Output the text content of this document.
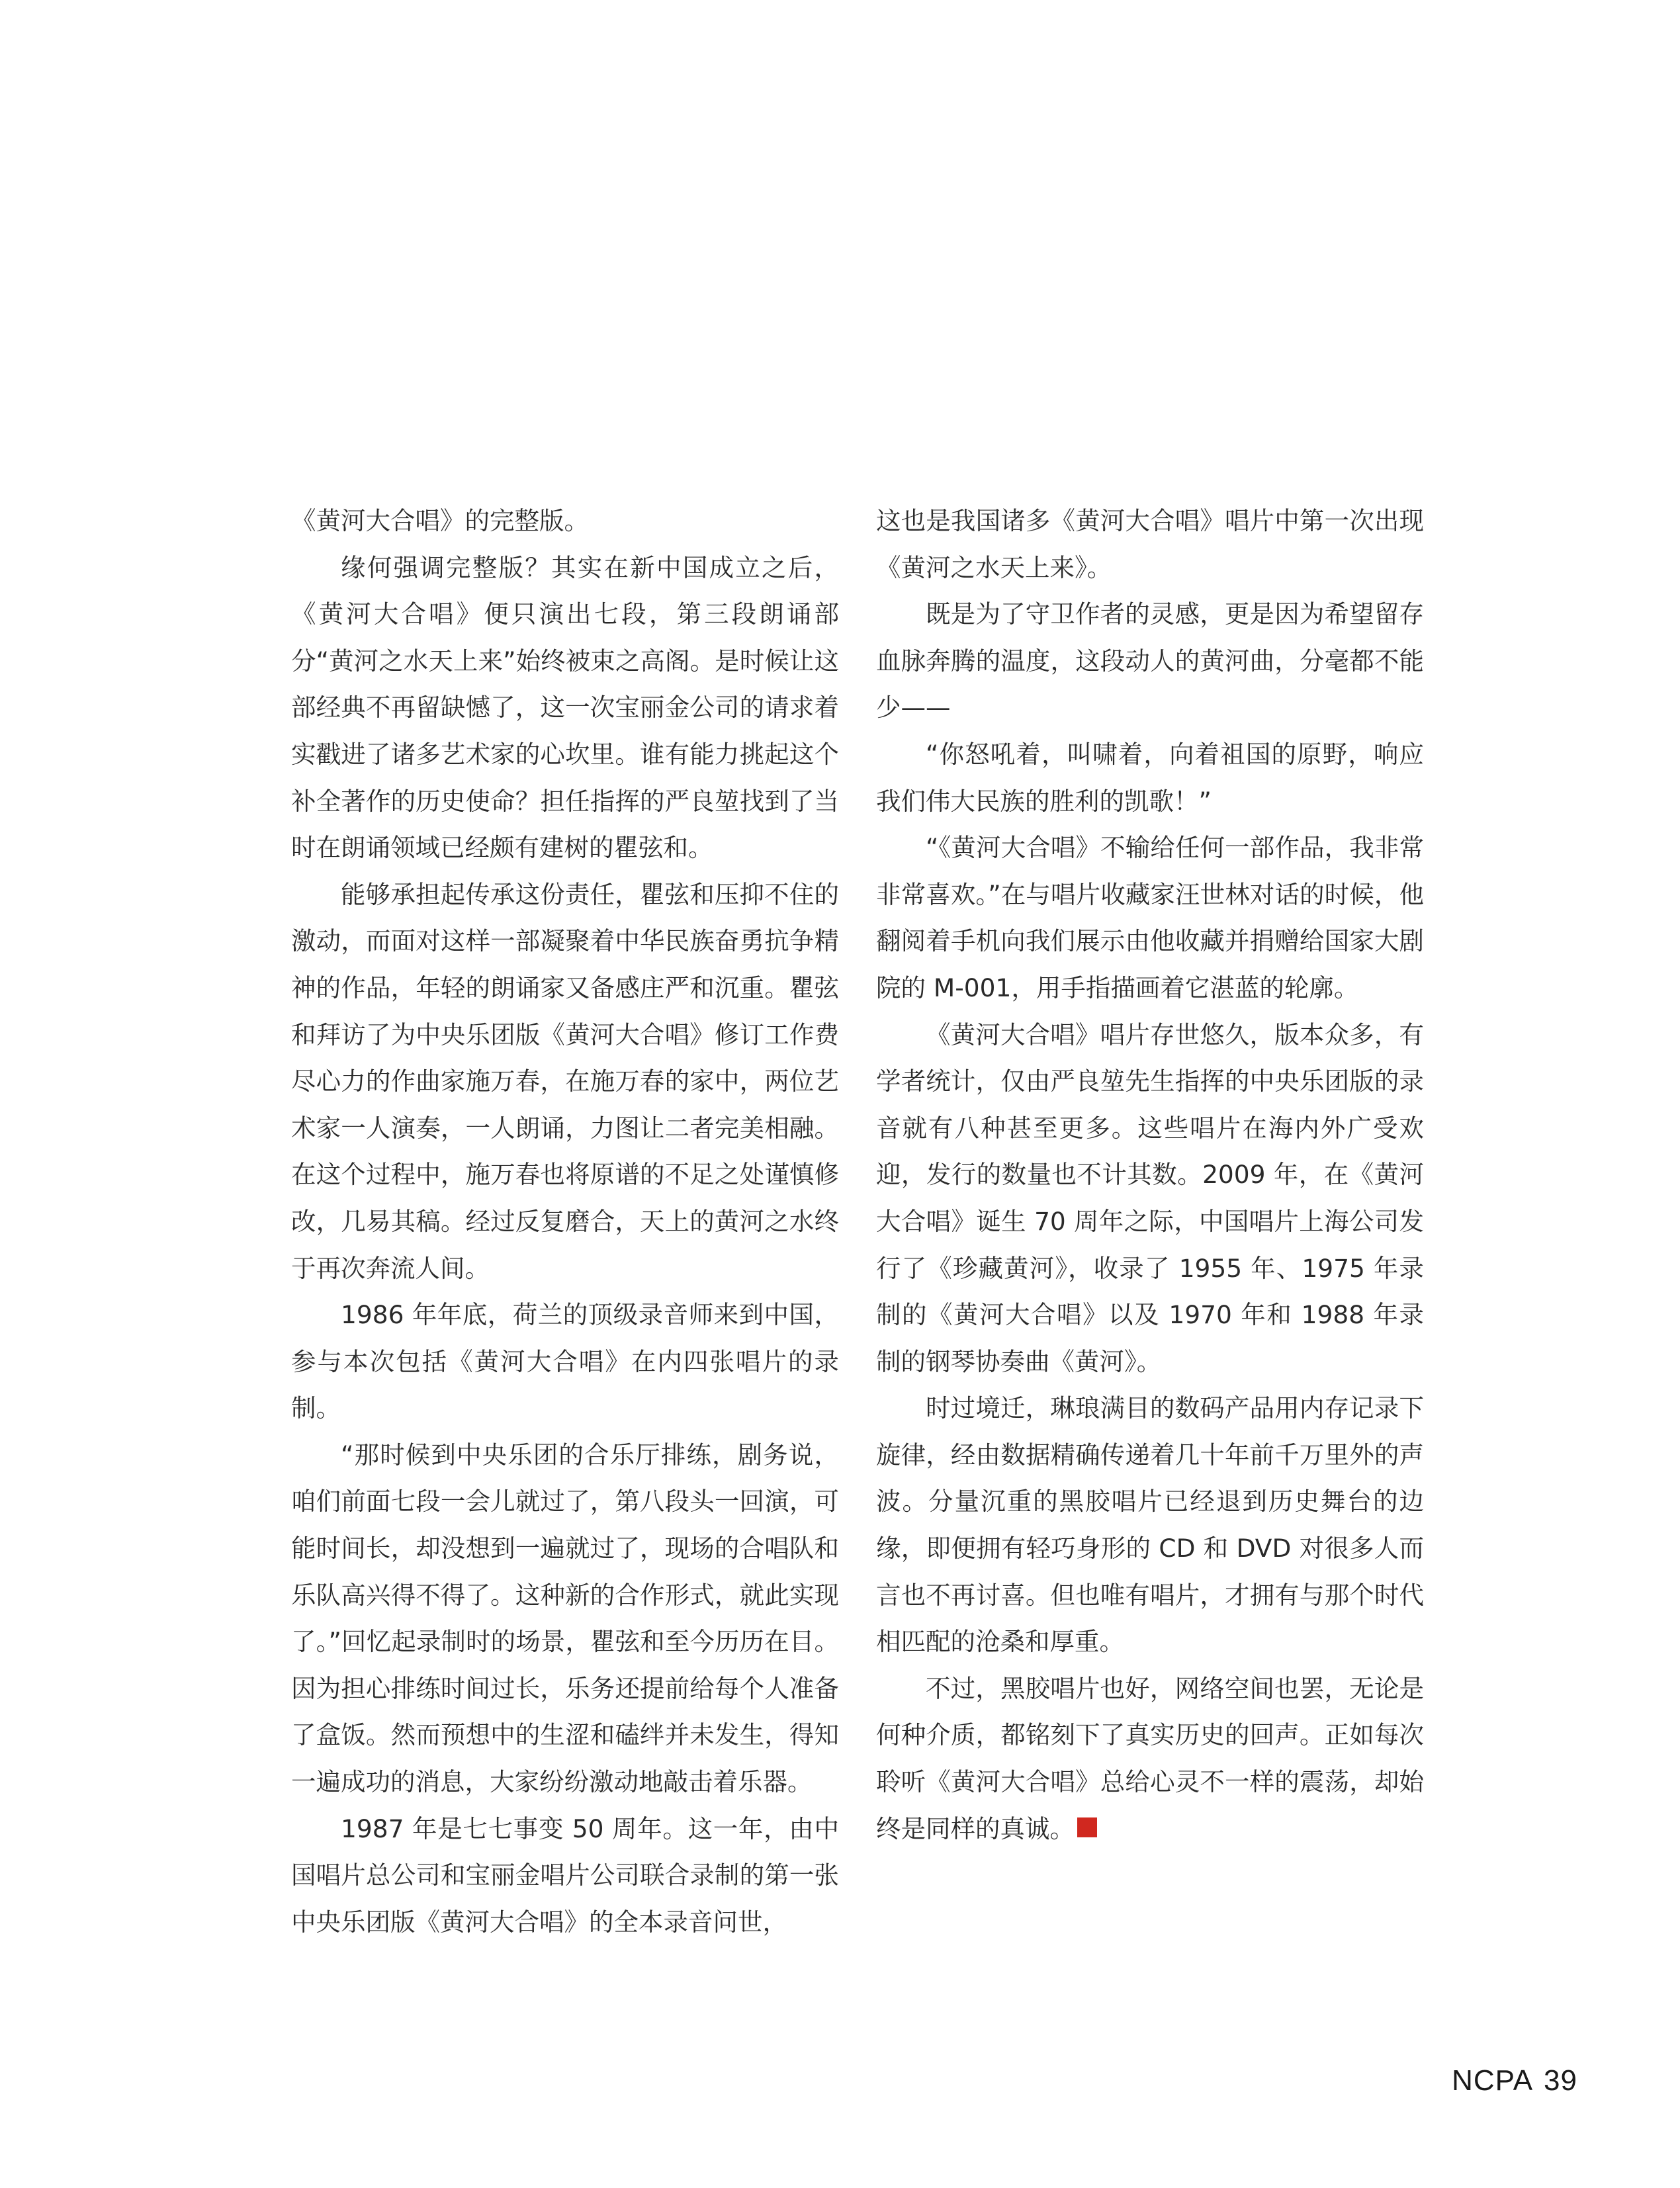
《黄河大合唱》的完整版。

缘何强调完整版？其实在新中国成立之后，《黄河大合唱》便只演出七段，第三段朗诵部分“黄河之水天上来”始终被束之高阁。是时候让这部经典不再留缺憾了，这一次宝丽金公司的请求着实戳进了诸多艺术家的心坎里。谁有能力挑起这个补全著作的历史使命？担任指挥的严良堃找到了当时在朗诵领域已经颇有建树的瞿弦和。

能够承担起传承这份责任，瞿弦和压抑不住的激动，而面对这样一部凝聚着中华民族奋勇抗争精神的作品，年轻的朗诵家又备感庄严和沉重。瞿弦和拜访了为中央乐团版《黄河大合唱》修订工作费尽心力的作曲家施万春，在施万春的家中，两位艺术家一人演奏，一人朗诵，力图让二者完美相融。在这个过程中，施万春也将原谱的不足之处谨慎修改，几易其稿。经过反复磨合，天上的黄河之水终于再次奔流人间。

1986 年年底，荷兰的顶级录音师来到中国，参与本次包括《黄河大合唱》在内四张唱片的录制。

“那时候到中央乐团的合乐厅排练，剧务说，咱们前面七段一会儿就过了，第八段头一回演，可能时间长，却没想到一遍就过了，现场的合唱队和乐队高兴得不得了。这种新的合作形式，就此实现了。”回忆起录制时的场景，瞿弦和至今历历在目。因为担心排练时间过长，乐务还提前给每个人准备了盒饭。然而预想中的生涩和磕绊并未发生，得知一遍成功的消息，大家纷纷激动地敲击着乐器。

1987 年是七七事变 50 周年。这一年，由中国唱片总公司和宝丽金唱片公司联合录制的第一张中央乐团版《黄河大合唱》的全本录音问世，

这也是我国诸多《黄河大合唱》唱片中第一次出现《黄河之水天上来》。

既是为了守卫作者的灵感，更是因为希望留存血脉奔腾的温度，这段动人的黄河曲，分毫都不能少——

“你怒吼着，叫啸着，向着祖国的原野，响应我们伟大民族的胜利的凯歌！”

“《黄河大合唱》不输给任何一部作品，我非常非常喜欢。”在与唱片收藏家汪世林对话的时候，他翻阅着手机向我们展示由他收藏并捐赠给国家大剧院的 M-001，用手指描画着它湛蓝的轮廓。

《黄河大合唱》唱片存世悠久，版本众多，有学者统计，仅由严良堃先生指挥的中央乐团版的录音就有八种甚至更多。这些唱片在海内外广受欢迎，发行的数量也不计其数。2009 年，在《黄河大合唱》诞生 70 周年之际，中国唱片上海公司发行了《珍藏黄河》，收录了 1955 年、1975 年录制的《黄河大合唱》以及 1970 年和 1988 年录制的钢琴协奏曲《黄河》。

时过境迁，琳琅满目的数码产品用内存记录下旋律，经由数据精确传递着几十年前千万里外的声波。分量沉重的黑胶唱片已经退到历史舞台的边缘，即便拥有轻巧身形的 CD 和 DVD 对很多人而言也不再讨喜。但也唯有唱片，才拥有与那个时代相匹配的沧桑和厚重。

不过，黑胶唱片也好，网络空间也罢，无论是何种介质，都铭刻下了真实历史的回声。正如每次聆听《黄河大合唱》总给心灵不一样的震荡，却始终是同样的真诚。

NCPA 39
